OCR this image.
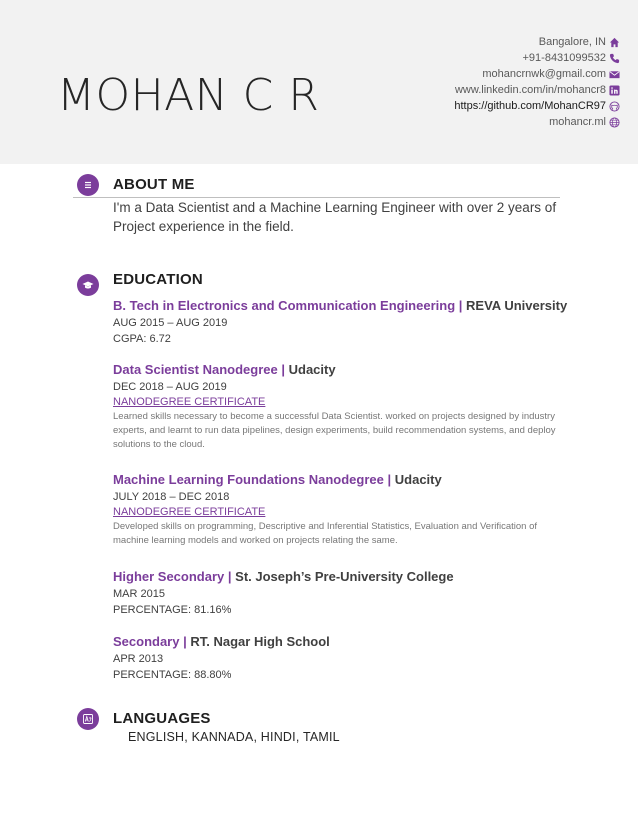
MOHAN C R
Bangalore, IN
+91-8431099532
mohancrnwk@gmail.com
www.linkedin.com/in/mohancr8
https://github.com/MohanCR97
mohancr.ml
ABOUT ME
I'm a Data Scientist and a Machine Learning Engineer with over 2 years of Project experience in the field.
EDUCATION
B. Tech in Electronics and Communication Engineering | REVA University
AUG 2015 – AUG 2019
CGPA: 6.72
Data Scientist Nanodegree | Udacity
DEC 2018 – AUG 2019
NANODEGREE CERTIFICATE
Learned skills necessary to become a successful Data Scientist. worked on projects designed by industry experts, and learnt to run data pipelines, design experiments, build recommendation systems, and deploy solutions to the cloud.
Machine Learning Foundations Nanodegree | Udacity
JULY 2018 – DEC 2018
NANODEGREE CERTIFICATE
Developed skills on programming, Descriptive and Inferential Statistics, Evaluation and Verification of machine learning models and worked on projects relating the same.
Higher Secondary | St. Joseph’s Pre-University College
MAR 2015
PERCENTAGE: 81.16%
Secondary | RT. Nagar High School
APR 2013
PERCENTAGE: 88.80%
LANGUAGES
ENGLISH, KANNADA, HINDI, TAMIL
